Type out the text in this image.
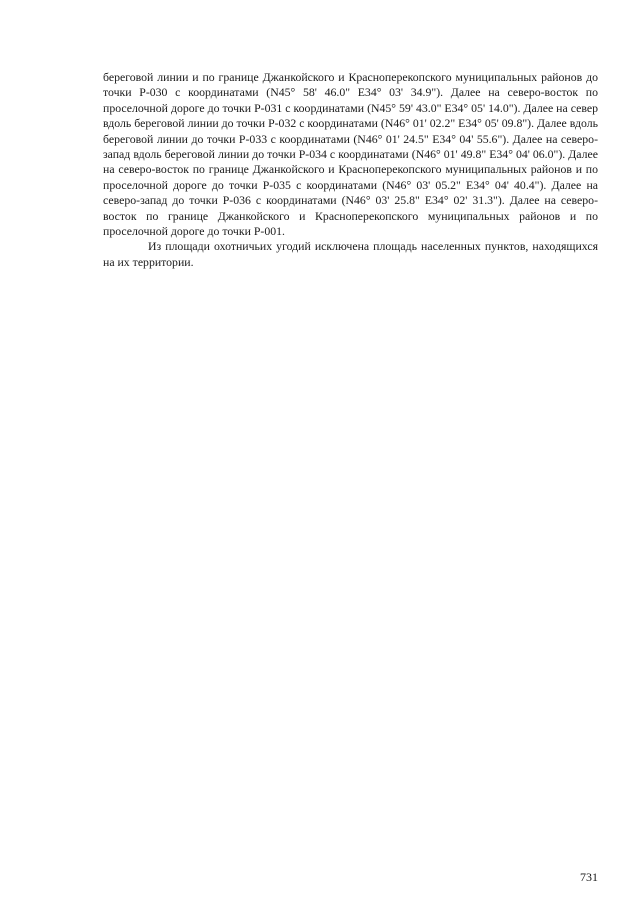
береговой линии и по границе Джанкойского и Красноперекопского муниципальных районов до точки Р-030 с координатами (N45° 58' 46.0" E34° 03' 34.9"). Далее на северо-восток по проселочной дороге до точки Р-031 с координатами (N45° 59' 43.0" E34° 05' 14.0"). Далее на север вдоль береговой линии до точки Р-032 с координатами (N46° 01' 02.2" E34° 05' 09.8"). Далее вдоль береговой линии до точки Р-033 с координатами (N46° 01' 24.5" E34° 04' 55.6"). Далее на северо-запад вдоль береговой линии до точки Р-034 с координатами (N46° 01' 49.8" E34° 04' 06.0"). Далее на северо-восток по границе Джанкойского и Красноперекопского муниципальных районов и по проселочной дороге до точки Р-035 с координатами (N46° 03' 05.2" E34° 04' 40.4"). Далее на северо-запад до точки Р-036 с координатами (N46° 03' 25.8" E34° 02' 31.3"). Далее на северо-восток по границе Джанкойского и Красноперекопского муниципальных районов и по проселочной дороге до точки Р-001.

Из площади охотничьих угодий исключена площадь населенных пунктов, находящихся на их территории.

731
